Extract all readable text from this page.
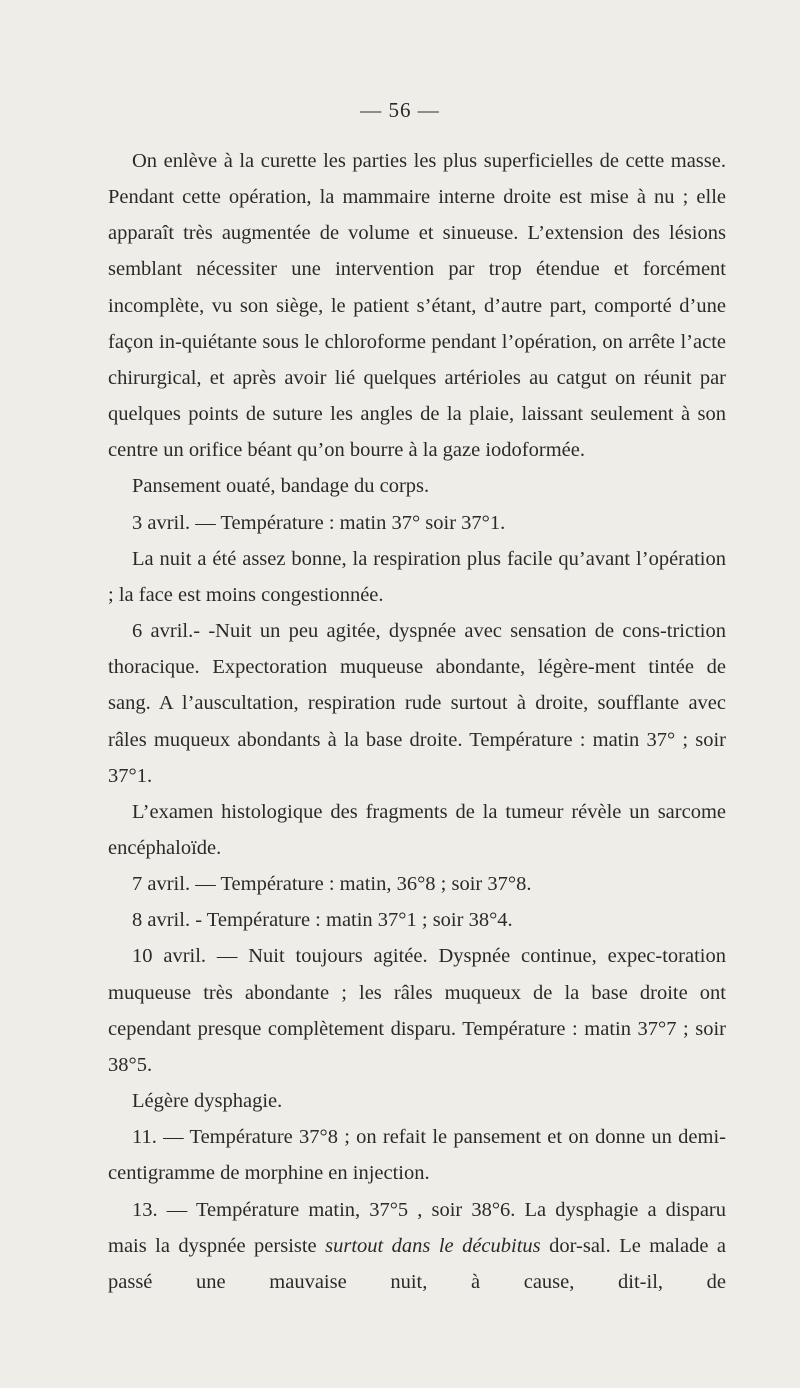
— 56 —

On enlève à la curette les parties les plus superficielles de cette masse. Pendant cette opération, la mammaire interne droite est mise à nu ; elle apparaît très augmentée de volume et sinueuse. L’extension des lésions semblant nécessiter une intervention par trop étendue et forcément incomplète, vu son siège, le patient s’étant, d’autre part, comporté d’une façon in-quiétante sous le chloroforme pendant l’opération, on arrête l’acte chirurgical, et après avoir lié quelques artérioles au catgut on réunit par quelques points de suture les angles de la plaie, laissant seulement à son centre un orifice béant qu’on bourre à la gaze iodoformée.

Pansement ouaté, bandage du corps.

3 avril. — Température : matin 37° soir 37°1.

La nuit a été assez bonne, la respiration plus facile qu’avant l’opération ; la face est moins congestionnée.

6 avril.- -Nuit un peu agitée, dyspnée avec sensation de cons-triction thoracique. Expectoration muqueuse abondante, légère-ment tintée de sang. A l’auscultation, respiration rude surtout à droite, soufflante avec râles muqueux abondants à la base droite. Température : matin 37° ; soir 37°1.

L’examen histologique des fragments de la tumeur révèle un sarcome encéphaloïde.

7 avril. — Température : matin, 36°8 ; soir 37°8.

8 avril. - Température : matin 37°1 ; soir 38°4.

10 avril. — Nuit toujours agitée. Dyspnée continue, expec-toration muqueuse très abondante ; les râles muqueux de la base droite ont cependant presque complètement disparu. Température : matin 37°7 ; soir 38°5.

Légère dysphagie.

11. — Température 37°8 ; on refait le pansement et on donne un demi-centigramme de morphine en injection.

13. — Température matin, 37°5 , soir 38°6. La dysphagie a disparu mais la dyspnée persiste surtout dans le décubitus dor-sal. Le malade a passé une mauvaise nuit, à cause, dit-il, de
